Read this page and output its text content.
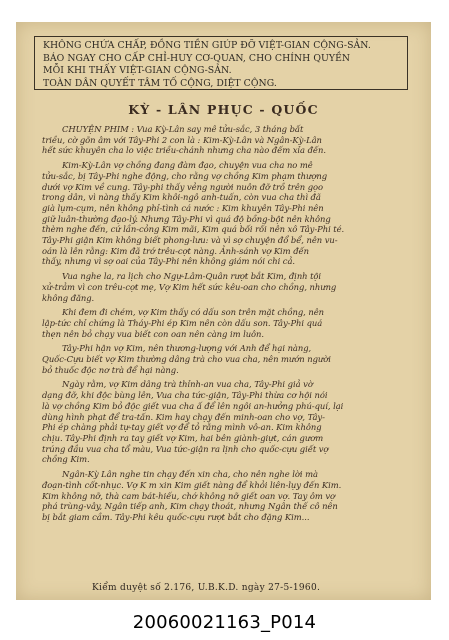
KHÔNG CHỨA CHẤP, ĐỒNG TIỀN GIÚP ĐỠ VIỆT-GIAN CỘNG-SẢN.
BÁO NGAY CHO CẤP CHỈ-HUY CƠ-QUAN, CHO CHÍNH QUYỀN
MỖI KHI THẤY VIỆT-GIAN CỘNG-SẢN.
TOÀN DÂN QUYẾT TÂM TỐ CỘNG, DIỆT CỘNG.
KỲ - LÂN PHỤC - QUỐC
CHUYỆN PHIM : Vua Kỳ-Lân say mê tửu-sắc, 3 tháng bất
triều, cờ gõn âm với Tây-Phi 2 con là : Kim-Kỳ-Lân và Ngân-Kỳ-Lân
hết sức khuyên cha lo việc triều-chánh nhưng cha nào đếm xỉa đến.
Kim-Kỳ-Lân vợ chồng đang đàm đạo, chuyện vua cha no mê
tửu-sắc, bị Tây-Phi nghe động, cho rằng vợ chồng Kim phạm thượng
dưới vợ Kim về cung. Tây-phi thấy vẻng người nuôn đỡ trồ trên gọo
trong dân, vì nàng thấy Kim khôi-ngô anh-tuấn, còn vua cha thì đã
già lụm-cụm, nên không phỉ-tình cá nước : Kim khuyên Tây-Phi nên
giữ luân-thường đạo-lý. Nhưng Tây-Phi vì quá độ bồng-bột nên không
thèm nghe đến, cứ lần-cỏng Kim mãi, Kim quá bối rối nên xô Tây-Phi té.
Tây-Phi giận Kim không biết phong-lưu: và vì sợ chuyện đổ bể, nên vu-
oán là lên rằng: Kim đã trớ trêu-cợt nàng. Ảnh-sánh vợ Kim đến
thấy, nhưng vì sợ oai của Tây-Phi nên không giám nói chi cả.
Vua nghe la, ra lịch cho Ngự-Lâm-Quân rượt bắt Kim, định tội
xử-trảm vì con trêu-cợt mẹ, Vợ Kim hết sức kêu-oan cho chồng, nhưng
không đăng.
Khi đem đi chém, vợ Kim thấy có dấu son trên mặt chồng, nên
lập-tức chỉ chứng là Tháy-Phi ép Kim nên còn dấu son. Tây-Phi quá
thẹn nên bỏ chạy vua biết con oan nên càng im luôn.
Tây-Phi hận vợ Kim, nên thương-lượng với Anh để hại nàng,
Quốc-Cựu biết vợ Kim thường dâng trà cho vua cha, nên mướn người
bỏ thuốc độc nơ trà để hại nàng.
Ngày rằm, vợ Kim dâng trà thỉnh-an vua cha, Tây-Phi giả vờ
dạng đỡ, khi độc bùng lên, Vua cha tức-giận, Tây-Phi thừa cơ hội nói
là vợ chồng Kim bỏ độc giết vua cha ấ để lên ngôi an-hưởng phú-quí, lại
dùng hình phạt để tra-tấn. Kim hay chạy đến minh-oan cho vợ, Tây-
Phi ép chàng phải tự-tay giết vợ để tỏ rằng mình vô-an. Kim không
chịu. Tây-Phi định ra tay giết vợ Kim, hai bên giành-giựt, cán gươm
trúng đầu vua cha tổ màu, Vua tức-giận ra lịnh cho quốc-cựu giết vợ
chồng Kim.
Ngân-Kỳ Lân nghe tin chạy đến xin cha, cho nên nghe lời mà
đoạn-tình cốt-nhục. Vợ K m xin Kim giết nàng để khỏi liên-lụy đến Kim.
Kim không nỡ, thà cam bát-hiếu, chớ không nỡ giết oan vợ. Tay ôm vợ
phá trùng-vây, Ngân tiếp anh, Kim chạy thoát, nhưng Ngân thế cô nên
bị bắt giam cầm. Tây-Phi kêu quốc-cựu rượt bắt cho đặng Kim...
Kiểm duyệt số 2.176, U.B.K.D. ngày 27-5-1960.
20060021163_P014
